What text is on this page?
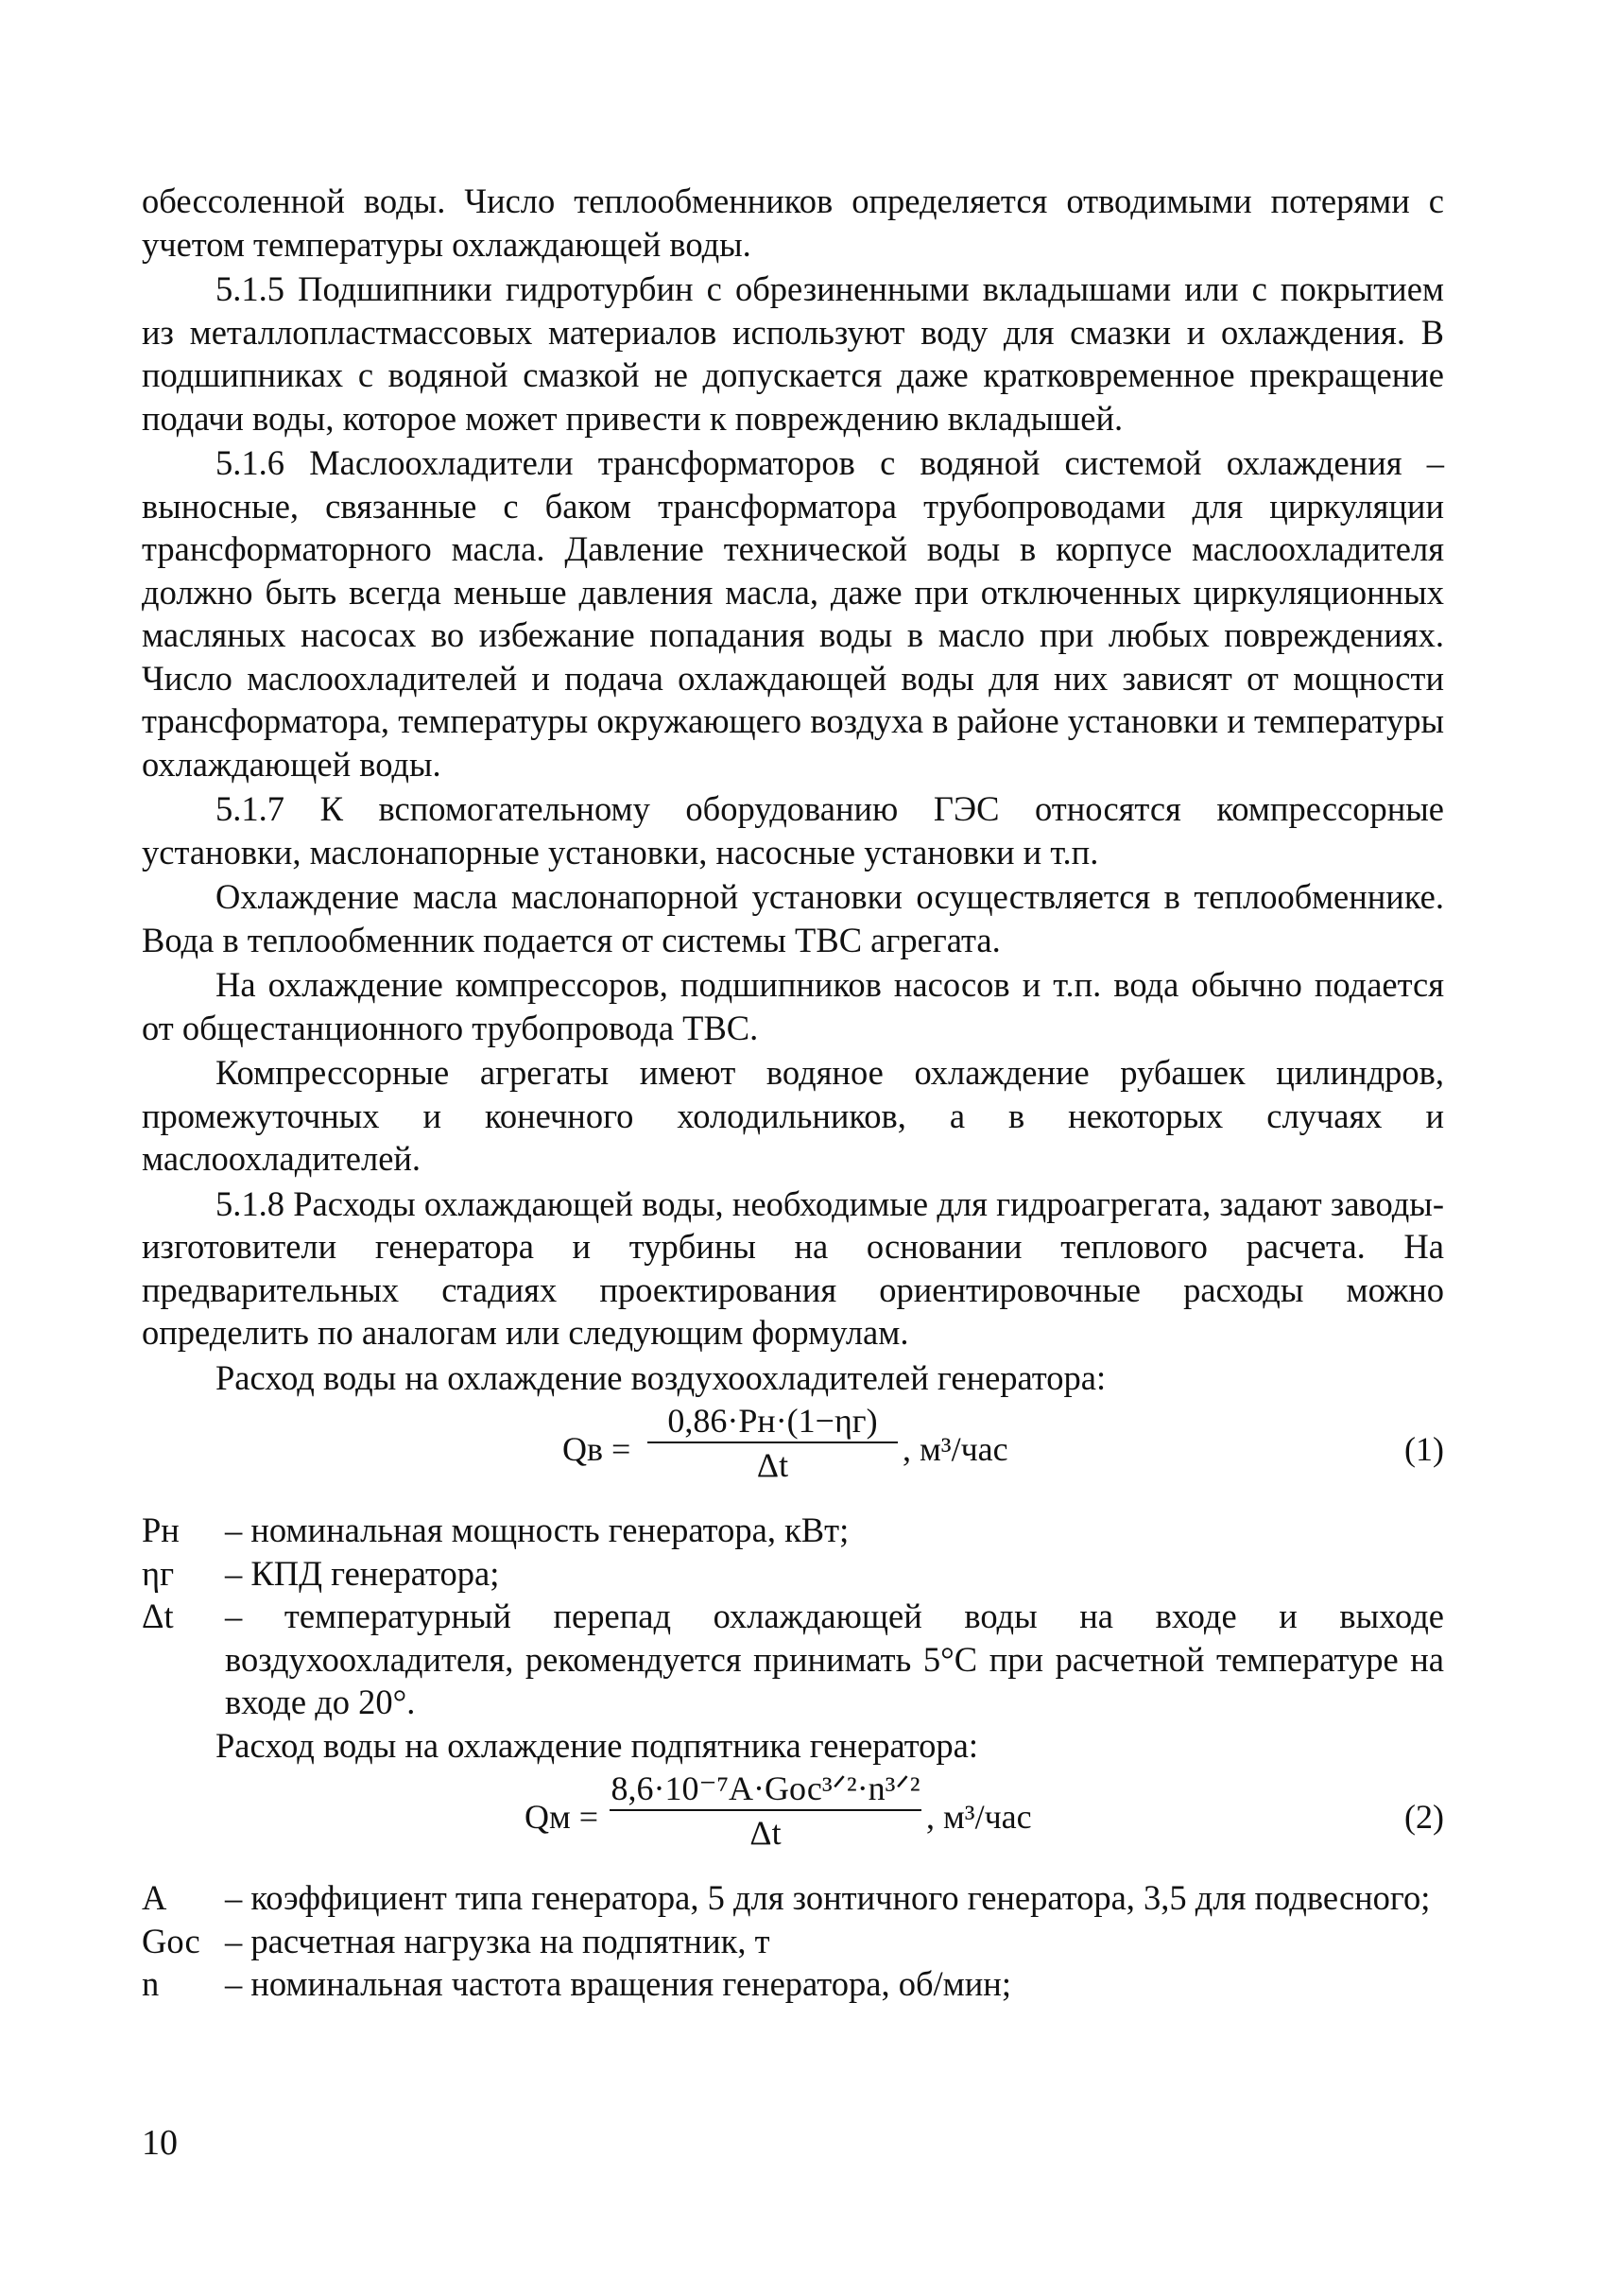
обессоленной воды. Число теплообменников определяется отводимыми потерями с учетом температуры охлаждающей воды.

5.1.5 Подшипники гидротурбин с обрезиненными вкладышами или с покрытием из металлопластмассовых материалов используют воду для смазки и охлаждения. В подшипниках с водяной смазкой не допускается даже кратковременное прекращение подачи воды, которое может привести к повреждению вкладышей.

5.1.6 Маслоохладители трансформаторов с водяной системой охлаждения – выносные, связанные с баком трансформатора трубопроводами для циркуляции трансформаторного масла. Давление технической воды в корпусе маслоохладителя должно быть всегда меньше давления масла, даже при отключенных циркуляционных масляных насосах во избежание попадания воды в масло при любых повреждениях. Число маслоохладителей и подача охлаждающей воды для них зависят от мощности трансформатора, температуры окружающего воздуха в районе установки и температуры охлаждающей воды.

5.1.7 К вспомогательному оборудованию ГЭС относятся компрессорные установки, маслонапорные установки, насосные установки и т.п.

Охлаждение масла маслонапорной установки осуществляется в теплообменнике. Вода в теплообменник подается от системы ТВС агрегата.

На охлаждение компрессоров, подшипников насосов и т.п. вода обычно подается от общестанционного трубопровода ТВС.

Компрессорные агрегаты имеют водяное охлаждение рубашек цилиндров, промежуточных и конечного холодильников, а в некоторых случаях и маслоохладителей.

5.1.8 Расходы охлаждающей воды, необходимые для гидроагрегата, задают заводы-изготовители генератора и турбины на основании теплового расчета. На предварительных стадиях проектирования ориентировочные расходы можно определить по аналогам или следующим формулам.

Расход воды на охлаждение воздухоохладителей генератора:

Qв =
0,86·Pн·(1−ηг)
Δt	, м³/час	(1)
Pн	– номинальная мощность генератора, кВт;
ηг	– КПД генератора;
Δt	– температурный перепад охлаждающей воды на входе и выходе воздухоохладителя, рекомендуется принимать 5°С при расчетной температуре на входе до 20°.

Расход воды на охлаждение подпятника генератора:

Qм =
8,6·10⁻⁷A·Gос³ᐟ²·n³ᐟ²
Δt	, м³/час	(2)
A	– коэффициент типа генератора, 5 для зонтичного генератора, 3,5 для подвесного;
Gос – расчетная нагрузка на подпятник, т
n	– номинальная частота вращения генератора, об/мин;
10
